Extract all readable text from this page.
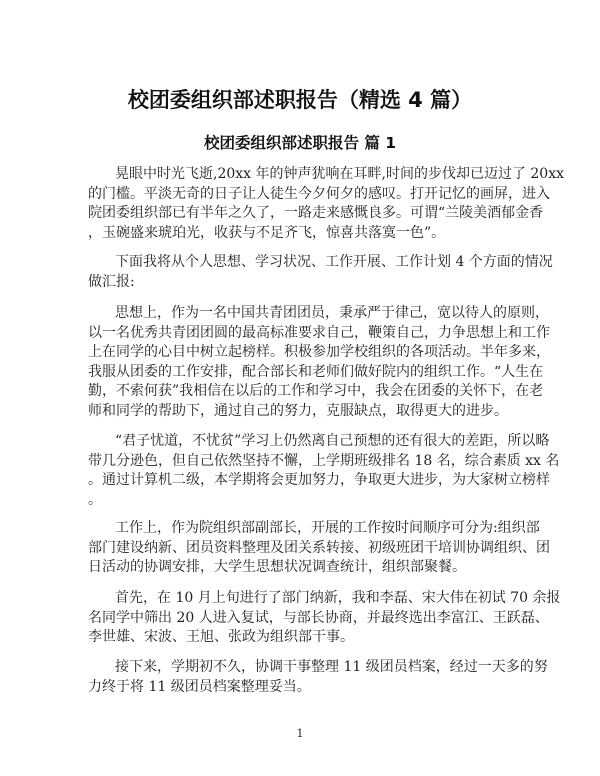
校团委组织部述职报告（精选 4 篇）
校团委组织部述职报告 篇 1
晃眼中时光飞逝,20xx 年的钟声犹响在耳畔,时间的步伐却已迈过了 20xx
的门槛。平淡无奇的日子让人徒生今夕何夕的感叹。打开记忆的画屏，进入
院团委组织部已有半年之久了，一路走来感慨良多。可谓“兰陵美酒郁金香
，玉碗盛来琥珀光，收获与不足齐飞，惊喜共落寞一色”。
下面我将从个人思想、学习状况、工作开展、工作计划 4 个方面的情况
做汇报:
思想上，作为一名中国共青团团员，秉承严于律己，宽以待人的原则，
以一名优秀共青团团圆的最高标准要求自己，鞭策自己，力争思想上和工作
上在同学的心目中树立起榜样。积极参加学校组织的各项活动。半年多来，
我服从团委的工作安排，配合部长和老师们做好院内的组织工作。“人生在
勤，不索何获”我相信在以后的工作和学习中，我会在团委的关怀下，在老
师和同学的帮助下，通过自己的努力，克服缺点，取得更大的进步。
“君子忧道，不忧贫”学习上仍然离自己预想的还有很大的差距，所以略
带几分逊色，但自己依然坚持不懈，上学期班级排名 18 名，综合素质 xx 名
。通过计算机二级，本学期将会更加努力，争取更大进步，为大家树立榜样
。
工作上，作为院组织部副部长，开展的工作按时间顺序可分为:组织部
部门建设纳新、团员资料整理及团关系转接、初级班团干培训协调组织、团
日活动的协调安排，大学生思想状况调查统计，组织部聚餐。
首先，在 10 月上旬进行了部门纳新，我和李磊、宋大伟在初试 70 余报
名同学中筛出 20 人进入复试，与部长协商，并最终选出李富江、王跃磊、
李世雄、宋波、王旭、张政为组织部干事。
接下来，学期初不久，协调干事整理 11 级团员档案，经过一天多的努
力终于将 11 级团员档案整理妥当。
1
